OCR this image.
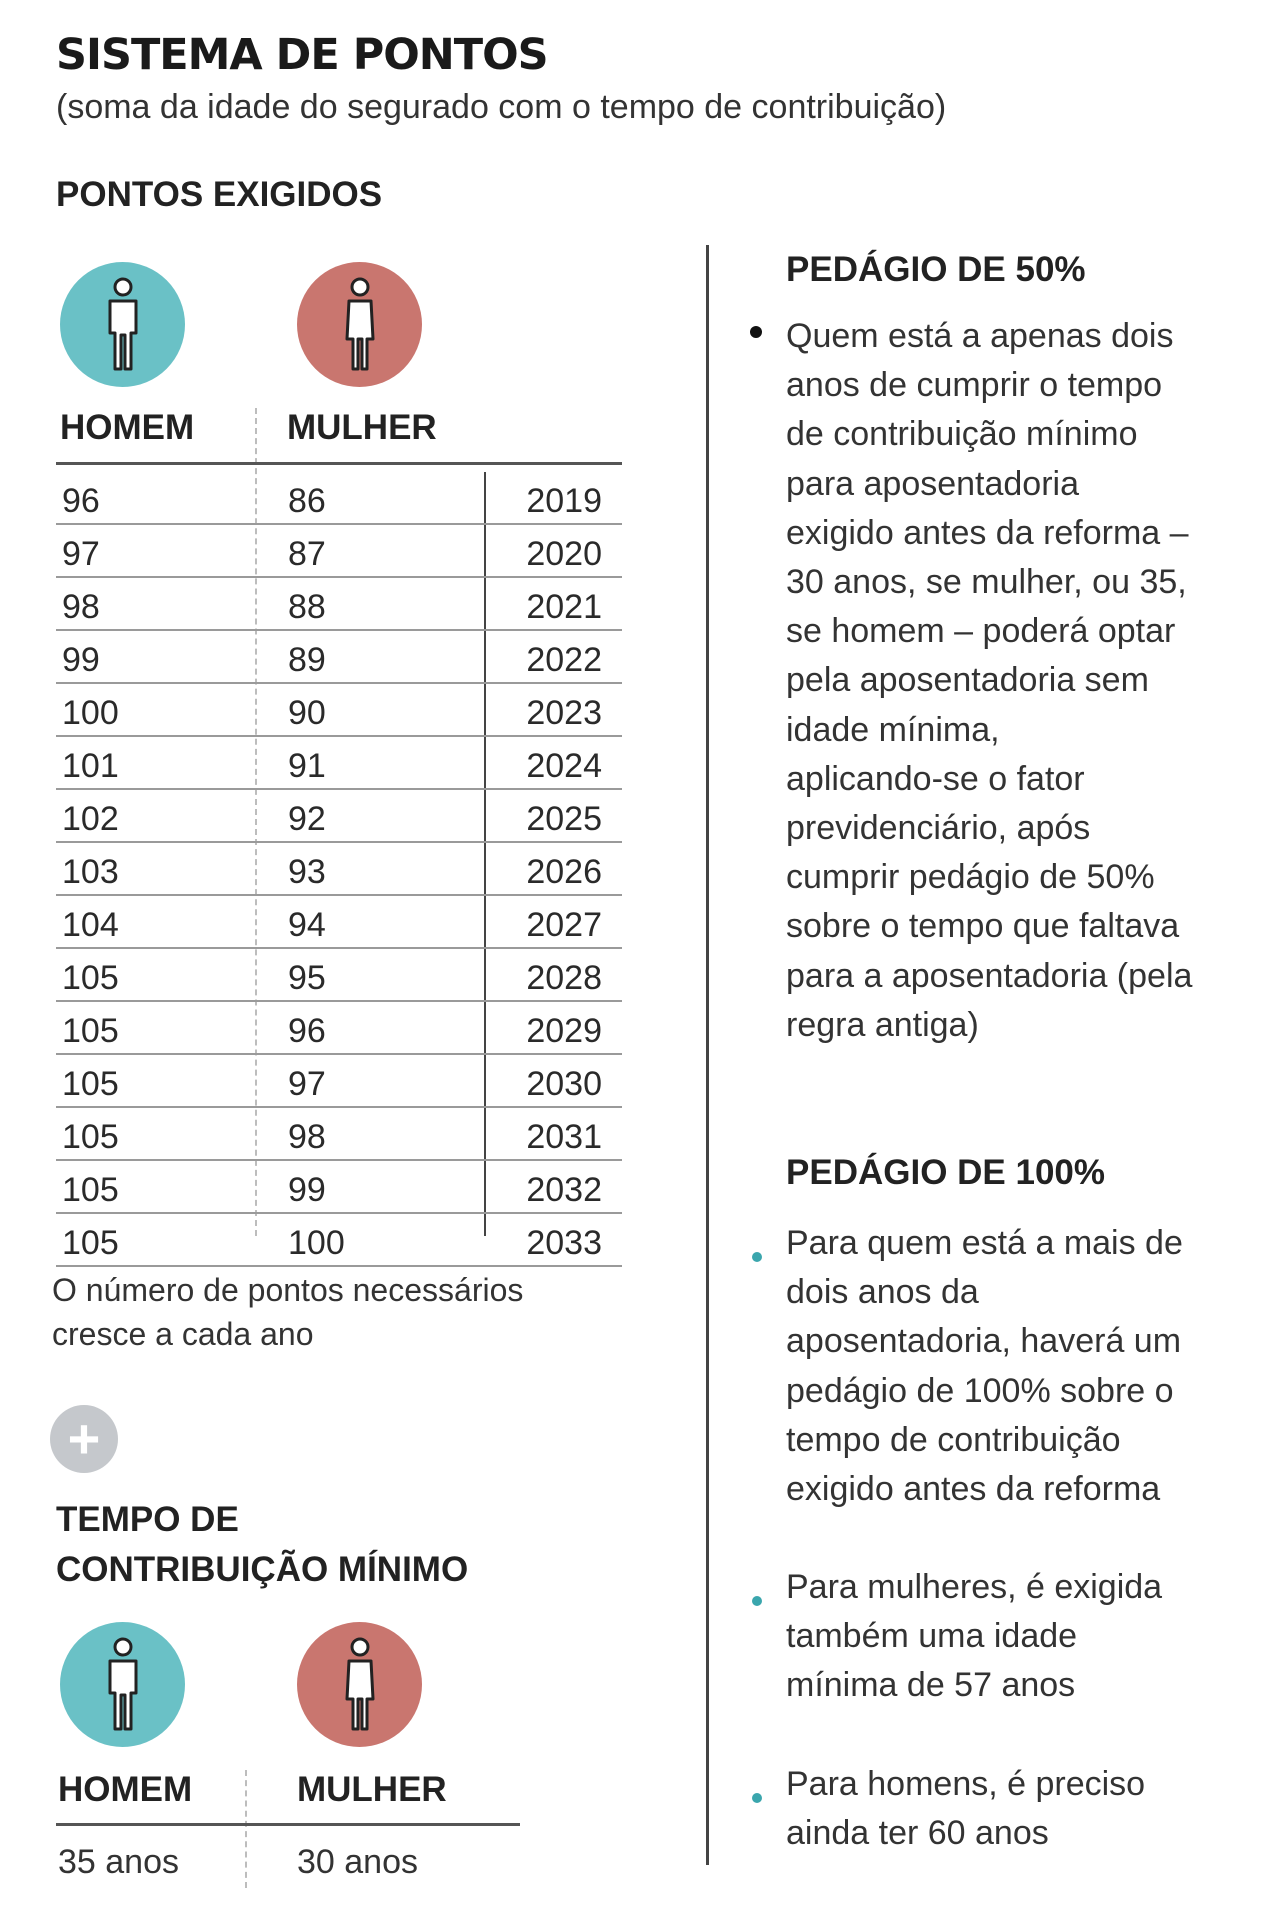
SISTEMA DE PONTOS
(soma da idade do segurado com o tempo de contribuição)
PONTOS EXIGIDOS
HOMEM	MULHER
96	86	2019
97	87	2020
98	88	2021
99	89	2022
100	90	2023
101	91	2024
102	92	2025
103	93	2026
104	94	2027
105	95	2028
105	96	2029
105	97	2030
105	98	2031
105	99	2032
105	100	2033
O número de pontos necessários
cresce a cada ano
+
TEMPO DE
CONTRIBUIÇÃO MÍNIMO
HOMEM	MULHER
35 anos	30 anos
PEDÁGIO DE 50%
Quem está a apenas dois
anos de cumprir o tempo
de contribuição mínimo
para aposentadoria
exigido antes da reforma –
30 anos, se mulher, ou 35,
se homem – poderá optar
pela aposentadoria sem
idade mínima,
aplicando-se o fator
previdenciário, após
cumprir pedágio de 50%
sobre o tempo que faltava
para a aposentadoria (pela
regra antiga)
PEDÁGIO DE 100%
Para quem está a mais de
dois anos da
aposentadoria, haverá um
pedágio de 100% sobre o
tempo de contribuição
exigido antes da reforma
Para mulheres, é exigida
também uma idade
mínima de 57 anos
Para homens, é preciso
ainda ter 60 anos
